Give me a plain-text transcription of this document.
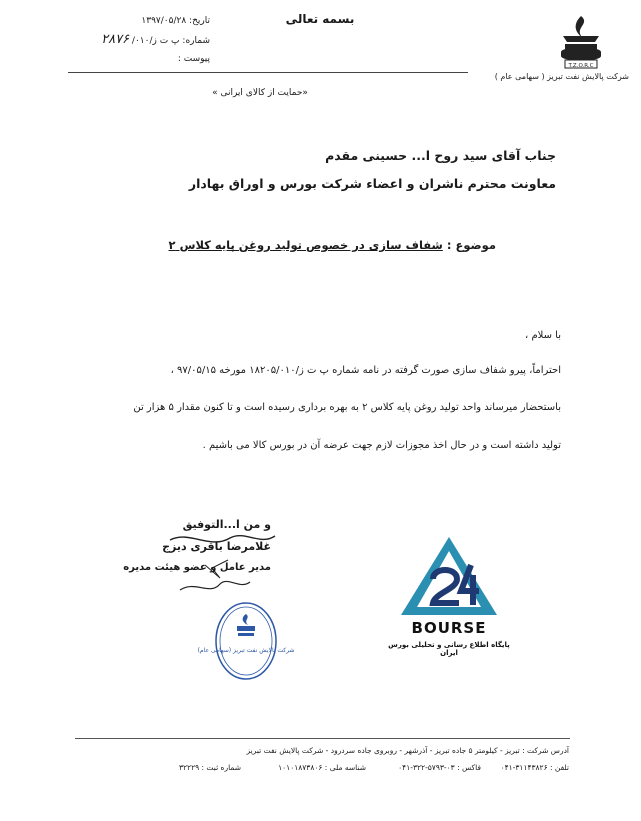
بسمه تعالی
تاریخ: ۱۳۹۷/۰۵/۲۸
شماره: پ ت ز/۰۱۰/ ۲۸۷۶
پیوست :
T.Z.O.R.C
شرکت پالایش نفت تبریز ( سهامی عام )
«حمایت از کالای ایرانی »
جناب آقای سید روح ا... حسینی مقدم
معاونت محترم ناشران و اعضاء شرکت بورس و اوراق بهادار
موضوع : شفاف سازی در خصوص تولید روغن پایه کلاس ۲
با سلام ،
احتراماً، پیرو شفاف سازی صورت گرفته در نامه شماره پ ت ز/۱۸۲۰۵/۰۱۰ مورخه ۹۷/۰۵/۱۵ ،
باستحضار میرساند واحد تولید روغن پایه کلاس ۲ به بهره برداری رسیده است و تا کنون مقدار ۵ هزار تن
تولید داشته است و در حال اخذ مجوزات لازم جهت عرضه آن در بورس کالا می باشیم .
و من ا...التوفیق
غلامرضا باقری دیزج
مدیر عامل و عضو هیئت مدیره
شرکت پالایش نفت تبریز (سهامی عام)
BOURSE
پایگاه اطلاع رسانی و تحلیلی بورس ایران
آدرس شرکت : تبریز - کیلومتر ۵ جاده تبریز - آذرشهر - روبروی جاده سردرود - شرکت پالایش نفت تبریز
تلفن : ۳۱۱۴۳۸۲۶-۰۴۱
فاکس : ۰۳-۵۷۹۳-۳۲۲-۰۴۱
شناسه ملی : ۱۰۱۰۱۸۷۳۸۰۶
شماره ثبت : ۳۲۲۲۹
